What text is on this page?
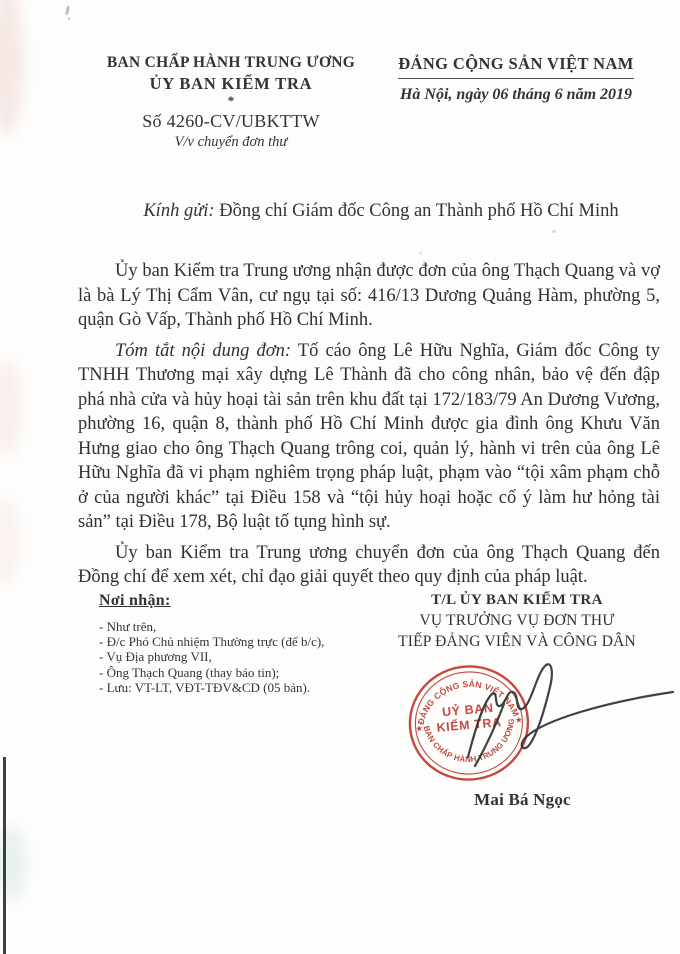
BAN CHẤP HÀNH TRUNG ƯƠNG
ỦY BAN KIỂM TRA
*
Số 4260-CV/UBKTTW
V/v chuyển đơn thư
ĐẢNG CỘNG SẢN VIỆT NAM
Hà Nội, ngày 06 tháng 6 năm 2019
Kính gửi: Đồng chí Giám đốc Công an Thành phố Hồ Chí Minh

Ủy ban Kiểm tra Trung ương nhận được đơn của ông Thạch Quang và vợ là bà Lý Thị Cẩm Vân, cư ngụ tại số: 416/13 Dương Quảng Hàm, phường 5, quận Gò Vấp, Thành phố Hồ Chí Minh.

Tóm tắt nội dung đơn: Tố cáo ông Lê Hữu Nghĩa, Giám đốc Công ty TNHH Thương mại xây dựng Lê Thành đã cho công nhân, bảo vệ đến đập phá nhà cửa và hủy hoại tài sản trên khu đất tại 172/183/79 An Dương Vương, phường 16, quận 8, thành phố Hồ Chí Minh được gia đình ông Khưu Văn Hưng giao cho ông Thạch Quang trông coi, quản lý, hành vi trên của ông Lê Hữu Nghĩa đã vi phạm nghiêm trọng pháp luật, phạm vào “tội xâm phạm chỗ ở của người khác” tại Điều 158 và “tội hủy hoại hoặc cố ý làm hư hỏng tài sản” tại Điều 178, Bộ luật tố tụng hình sự.

Ủy ban Kiểm tra Trung ương chuyển đơn của ông Thạch Quang đến Đồng chí để xem xét, chỉ đạo giải quyết theo quy định của pháp luật.

Nơi nhận:
- Như trên,
- Đ/c Phó Chủ nhiệm Thường trực (để b/c),
- Vụ Địa phương VII,
- Ông Thạch Quang (thay báo tin);
- Lưu: VT-LT, VĐT-TĐV&CD (05 bản).
T/L ỦY BAN KIỂM TRA
VỤ TRƯỞNG VỤ ĐƠN THƯ
TIẾP ĐẢNG VIÊN VÀ CÔNG DÂN
ĐẢNG CỘNG SẢN VIỆT NAM
BAN CHẤP HÀNH TRUNG ƯƠNG
UỶ BAN
KIỂM TRA
★
★
Mai Bá Ngọc
